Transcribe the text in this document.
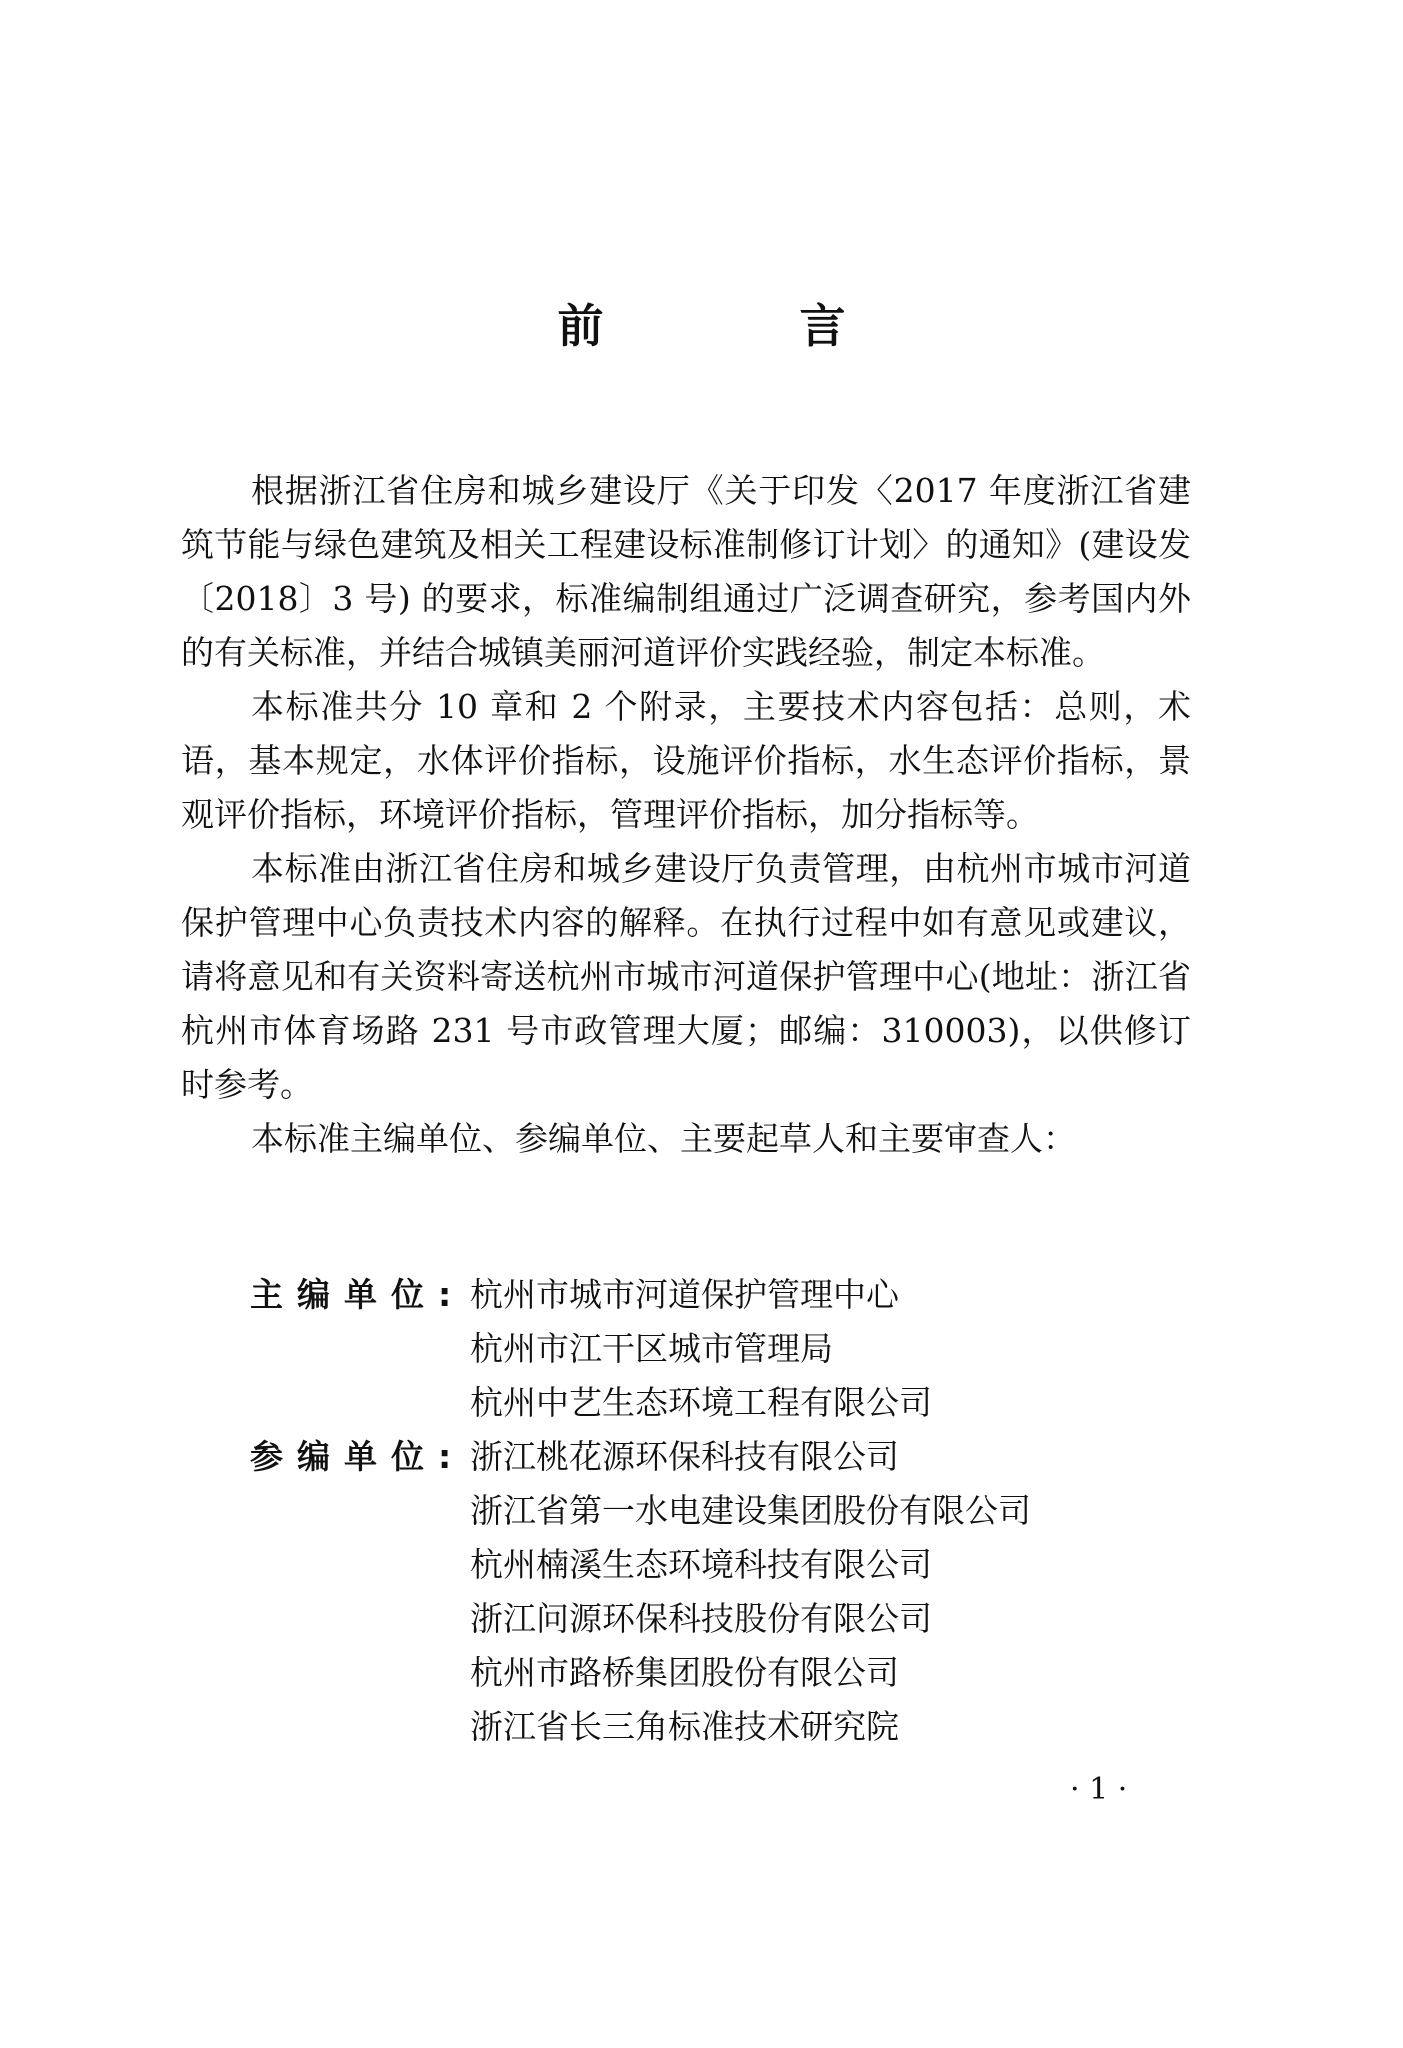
前 言

根据浙江省住房和城乡建设厅《关于印发〈2017 年度浙江省建筑节能与绿色建筑及相关工程建设标准制修订计划〉的通知》(建设发〔2018〕3 号) 的要求，标准编制组通过广泛调查研究，参考国内外的有关标准，并结合城镇美丽河道评价实践经验，制定本标准。

本标准共分 10 章和 2 个附录，主要技术内容包括：总则，术语，基本规定，水体评价指标，设施评价指标，水生态评价指标，景观评价指标，环境评价指标，管理评价指标，加分指标等。

本标准由浙江省住房和城乡建设厅负责管理，由杭州市城市河道保护管理中心负责技术内容的解释。在执行过程中如有意见或建议，请将意见和有关资料寄送杭州市城市河道保护管理中心(地址：浙江省杭州市体育场路 231 号市政管理大厦；邮编：310003)，以供修订时参考。

本标准主编单位、参编单位、主要起草人和主要审查人：

主编单位: 杭州市城市河道保护管理中心
杭州市江干区城市管理局
杭州中艺生态环境工程有限公司
参编单位: 浙江桃花源环保科技有限公司
浙江省第一水电建设集团股份有限公司
杭州楠溪生态环境科技有限公司
浙江问源环保科技股份有限公司
杭州市路桥集团股份有限公司
浙江省长三角标准技术研究院
· 1 ·
